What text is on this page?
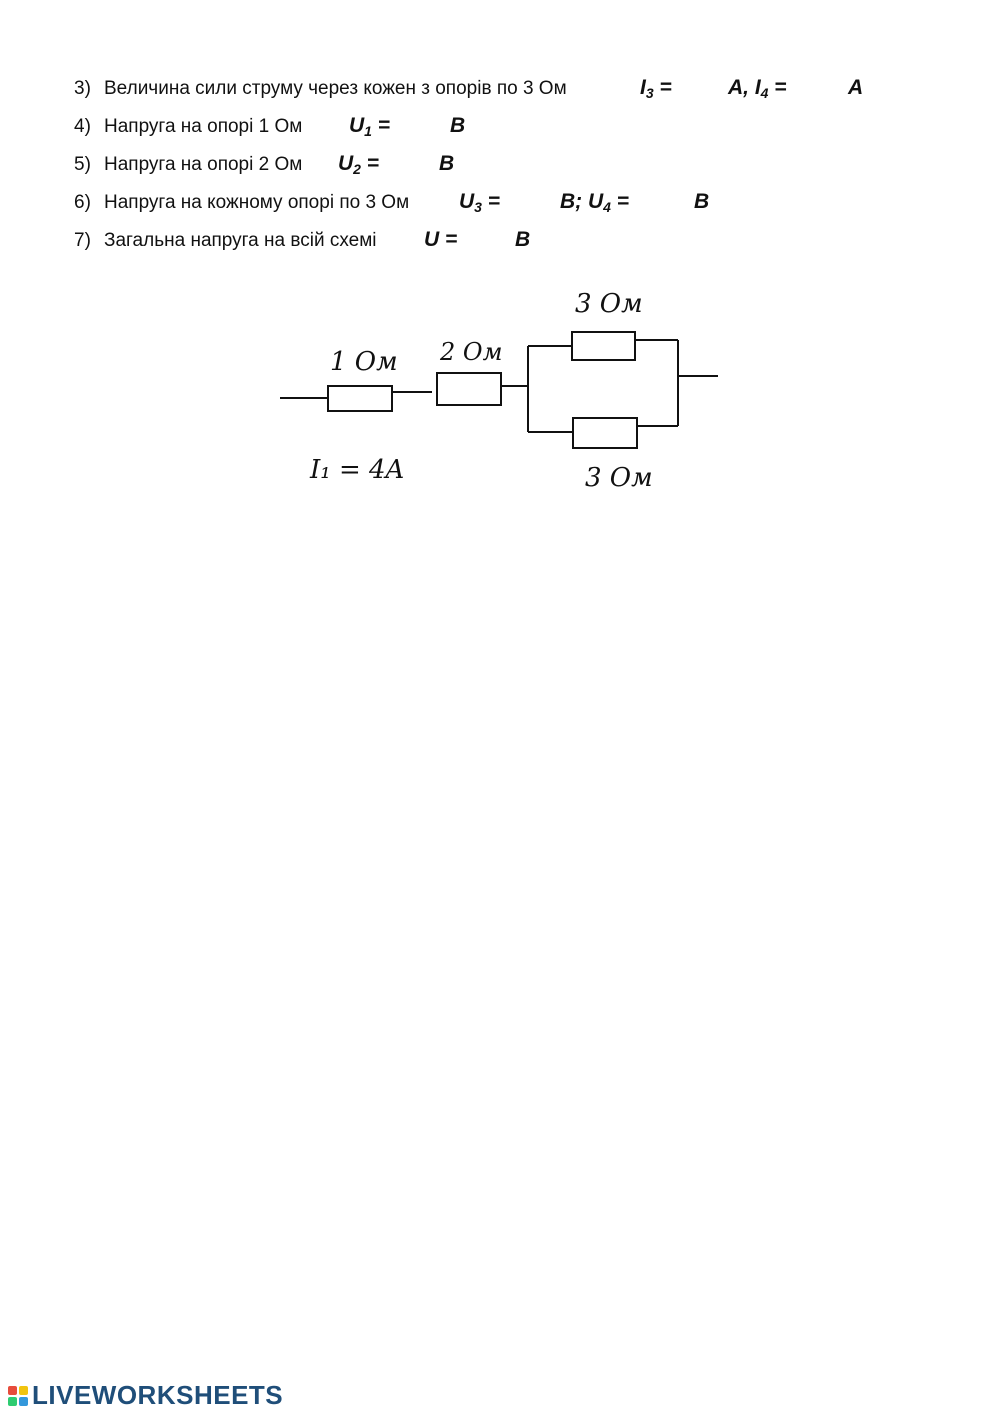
3) Величина сили струму через кожен з опорів по 3 Ом	$I_3$ =	A, $I_4$ =	A
4) Напруга на опорі 1 Ом $U_1$ =	В
5) Напруга на опорі 2 Ом $U_2$ =	В
6) Напруга на кожному опорі по 3 Ом $U_3$ =	В; $U_4$ =	В
7) Загальна напруга на всій схемі U =	В
1 Ом 2 Ом
3 Ом
3 Ом
I₁ = 4A
LIVEWORKSHEETS
